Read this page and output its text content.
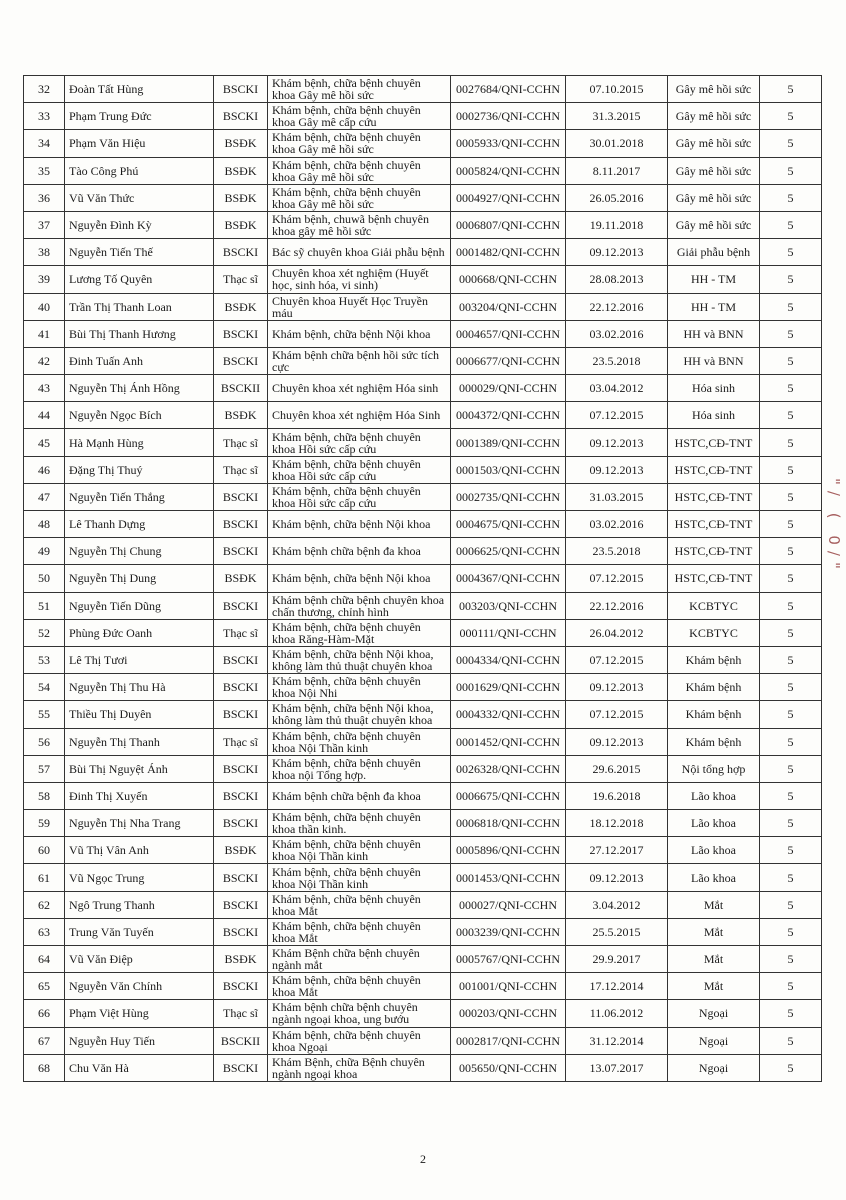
32	Đoàn Tất Hùng	BSCKI	Khám bệnh, chữa bệnh chuyên khoa Gây mê hồi sức	0027684/QNI-CCHN	07.10.2015	Gây mê hồi sức	5
33	Phạm Trung Đức	BSCKI	Khám bệnh, chữa bệnh chuyên khoa Gây mê cấp cứu	0002736/QNI-CCHN	31.3.2015	Gây mê hồi sức	5
34	Phạm Văn Hiệu	BSĐK	Khám bệnh, chữa bệnh chuyên khoa Gây mê hồi sức	0005933/QNI-CCHN	30.01.2018	Gây mê hồi sức	5
35	Tào Công Phú	BSĐK	Khám bệnh, chữa bệnh chuyên khoa Gây mê hồi sức	0005824/QNI-CCHN	8.11.2017	Gây mê hồi sức	5
36	Vũ Văn Thức	BSĐK	Khám bệnh, chữa bệnh chuyên khoa Gây mê hồi sức	0004927/QNI-CCHN	26.05.2016	Gây mê hồi sức	5
37	Nguyễn Đình Kỳ	BSĐK	Khám bệnh, chuwã bệnh chuyên khoa gây mê hồi sức	0006807/QNI-CCHN	19.11.2018	Gây mê hồi sức	5
38	Nguyễn Tiến Thế	BSCKI	Bác sỹ chuyên khoa Giải phẫu bệnh	0001482/QNI-CCHN	09.12.2013	Giải phẫu bệnh	5
39	Lương Tố Quyên	Thạc sĩ	Chuyên khoa xét nghiệm (Huyết học, sinh hóa, vi sinh)	000668/QNI-CCHN	28.08.2013	HH - TM	5
40	Trần Thị Thanh Loan	BSĐK	Chuyên khoa Huyết Học Truyền máu	003204/QNI-CCHN	22.12.2016	HH - TM	5
41	Bùi Thị Thanh Hương	BSCKI	Khám bệnh, chữa bệnh Nội khoa	0004657/QNI-CCHN	03.02.2016	HH và BNN	5
42	Đinh Tuấn Anh	BSCKI	Khám bệnh chữa bệnh hồi sức tích cực	0006677/QNI-CCHN	23.5.2018	HH và BNN	5
43	Nguyễn Thị Ánh Hồng	BSCKII	Chuyên khoa xét nghiệm Hóa sinh	000029/QNI-CCHN	03.04.2012	Hóa sinh	5
44	Nguyễn Ngọc Bích	BSĐK	Chuyên khoa xét nghiệm Hóa Sinh	0004372/QNI-CCHN	07.12.2015	Hóa sinh	5
45	Hà Mạnh Hùng	Thạc sĩ	Khám bệnh, chữa bệnh chuyên khoa Hồi sức cấp cứu	0001389/QNI-CCHN	09.12.2013	HSTC,CĐ-TNT	5
46	Đặng Thị Thuý	Thạc sĩ	Khám bệnh, chữa bệnh chuyên khoa Hồi sức cấp cứu	0001503/QNI-CCHN	09.12.2013	HSTC,CĐ-TNT	5
47	Nguyễn Tiến Thắng	BSCKI	Khám bệnh, chữa bệnh chuyên khoa Hồi sức cấp cứu	0002735/QNI-CCHN	31.03.2015	HSTC,CĐ-TNT	5
48	Lê Thanh Dựng	BSCKI	Khám bệnh, chữa bệnh Nội khoa	0004675/QNI-CCHN	03.02.2016	HSTC,CĐ-TNT	5
49	Nguyễn Thị Chung	BSCKI	Khám bệnh chữa bệnh đa khoa	0006625/QNI-CCHN	23.5.2018	HSTC,CĐ-TNT	5
50	Nguyễn Thị Dung	BSĐK	Khám bệnh, chữa bệnh Nội khoa	0004367/QNI-CCHN	07.12.2015	HSTC,CĐ-TNT	5
51	Nguyễn Tiến Dũng	BSCKI	Khám bệnh chữa bệnh chuyên khoa chấn thương, chỉnh hình	003203/QNI-CCHN	22.12.2016	KCBTYC	5
52	Phùng Đức Oanh	Thạc sĩ	Khám bệnh, chữa bệnh chuyên khoa Răng-Hàm-Mặt	000111/QNI-CCHN	26.04.2012	KCBTYC	5
53	Lê Thị Tươi	BSCKI	Khám bệnh, chữa bệnh Nội khoa, không làm thủ thuật chuyên khoa	0004334/QNI-CCHN	07.12.2015	Khám bệnh	5
54	Nguyễn Thị Thu Hà	BSCKI	Khám bệnh, chữa bệnh chuyên khoa Nội Nhi	0001629/QNI-CCHN	09.12.2013	Khám bệnh	5
55	Thiều Thị Duyên	BSCKI	Khám bệnh, chữa bệnh Nội khoa, không làm thủ thuật chuyên khoa	0004332/QNI-CCHN	07.12.2015	Khám bệnh	5
56	Nguyễn Thị Thanh	Thạc sĩ	Khám bệnh, chữa bệnh chuyên khoa Nội Thần kinh	0001452/QNI-CCHN	09.12.2013	Khám bệnh	5
57	Bùi Thị Nguyệt Ánh	BSCKI	Khám bệnh, chữa bệnh chuyên khoa nội Tổng hợp.	0026328/QNI-CCHN	29.6.2015	Nội tổng hợp	5
58	Đinh Thị Xuyến	BSCKI	Khám bệnh chữa bệnh đa khoa	0006675/QNI-CCHN	19.6.2018	Lão khoa	5
59	Nguyễn Thị Nha Trang	BSCKI	Khám bệnh, chữa bệnh chuyên khoa thần kinh.	0006818/QNI-CCHN	18.12.2018	Lão khoa	5
60	Vũ Thị Vân Anh	BSĐK	Khám bệnh, chữa bệnh chuyên khoa Nội Thần kinh	0005896/QNI-CCHN	27.12.2017	Lão khoa	5
61	Vũ Ngọc Trung	BSCKI	Khám bệnh, chữa bệnh chuyên khoa Nội Thần kinh	0001453/QNI-CCHN	09.12.2013	Lão khoa	5
62	Ngô Trung Thanh	BSCKI	Khám bệnh, chữa bệnh chuyên khoa Mắt	000027/QNI-CCHN	3.04.2012	Mắt	5
63	Trung Văn Tuyến	BSCKI	Khám bệnh, chữa bệnh chuyên khoa Mắt	0003239/QNI-CCHN	25.5.2015	Mắt	5
64	Vũ Văn Điệp	BSĐK	Khám Bệnh chữa bệnh chuyên ngành mắt	0005767/QNI-CCHN	29.9.2017	Mắt	5
65	Nguyễn Văn Chính	BSCKI	Khám bệnh, chữa bệnh chuyên khoa Mắt	001001/QNI-CCHN	17.12.2014	Mắt	5
66	Phạm Việt Hùng	Thạc sĩ	Khám bệnh chữa bệnh chuyên ngành ngoại khoa, ung bướu	000203/QNI-CCHN	11.06.2012	Ngoại	5
67	Nguyễn Huy Tiến	BSCKII	Khám bệnh, chữa bệnh chuyên khoa Ngoại	0002817/QNI-CCHN	31.12.2014	Ngoại	5
68	Chu Văn Hà	BSCKI	Khám Bệnh, chữa Bệnh chuyên ngành ngoại khoa	005650/QNI-CCHN	13.07.2017	Ngoại	5
2
"/ ( 0/"
